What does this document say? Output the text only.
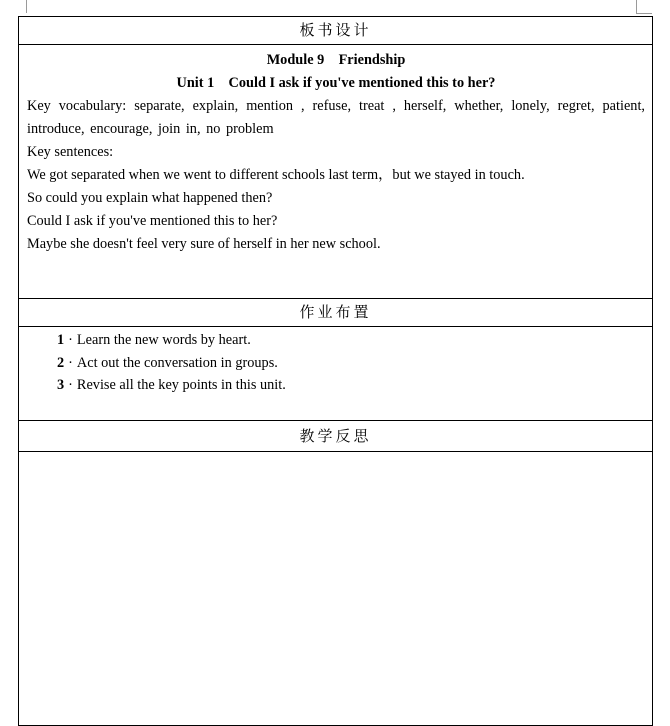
板书设计

Module 9    Friendship
Unit 1    Could I ask if you've mentioned this to her?
Key vocabulary: separate, explain, mention , refuse, treat , herself, whether, lonely, regret, patient, introduce, encourage, join in, no problem
Key sentences:
We got separated when we went to different schools last term，but we stayed in touch.
So could you explain what happened then?
Could I ask if you've mentioned this to her?
Maybe she doesn't feel very sure of herself in her new school.

作业布置

1 · Learn the new words by heart.
2 · Act out the conversation in groups.
3 · Revise all the key points in this unit.

教学反思
